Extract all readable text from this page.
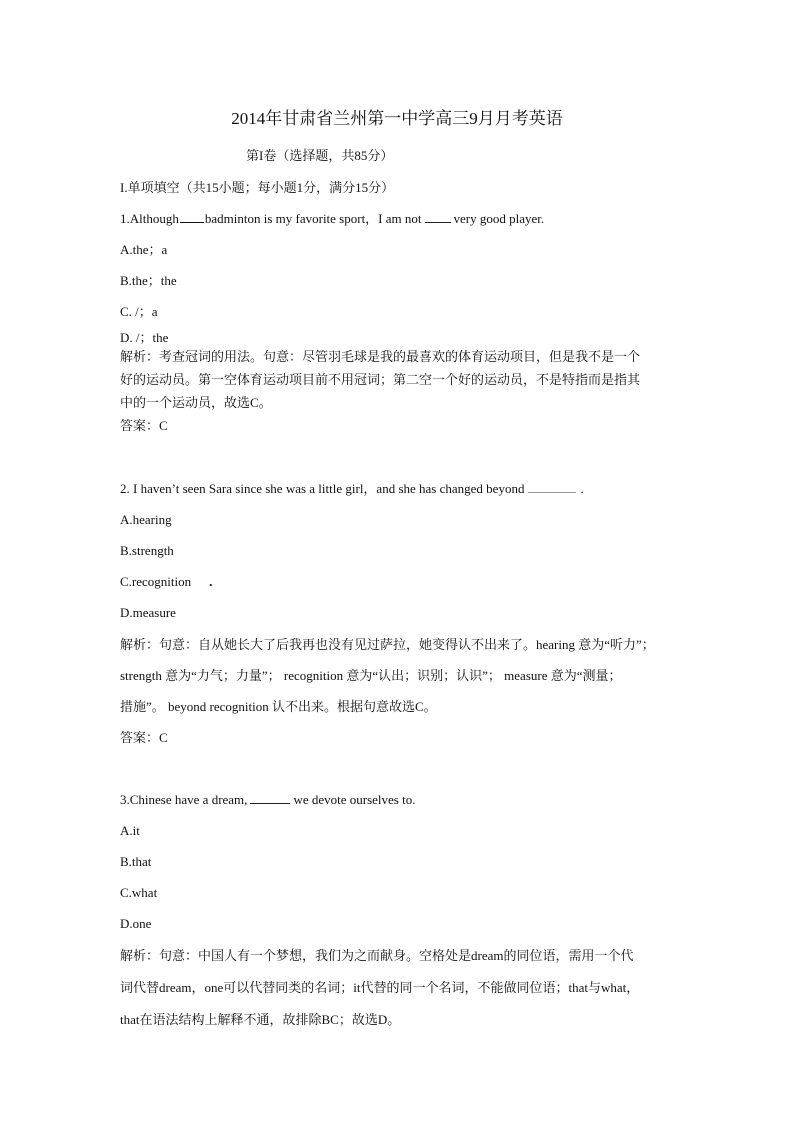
2014年甘肃省兰州第一中学高三9月月考英语
第I卷（选择题，共85分）
I.单项填空（共15小题；每小题1分，满分15分）
1.Although badminton is my favorite sport，I am not very good player.
A.the；a
B.the；the
C. /；a
D. /；the
解析：考查冠词的用法。句意：尽管羽毛球是我的最喜欢的体育运动项目，但是我不是一个
好的运动员。第一空体育运动项目前不用冠词；第二空一个好的运动员，不是特指而是指其
中的一个运动员，故选C。
答案：C
2. I haven’t seen Sara since she was a little girl，and she has changed beyond	.
A.hearing
B.strength
C.recognition .
D.measure
解析：句意：自从她长大了后我再也没有见过萨拉，她变得认不出来了。hearing 意为“听力”；
strength 意为“力气；力量”； recognition 意为“认出；识别；认识”； measure 意为“测量；
措施”。 beyond recognition 认不出来。根据句意故选C。
答案：C
3.Chinese have a dream,	we devote ourselves to.
A.it
B.that
C.what
D.one
解析：句意：中国人有一个梦想，我们为之而献身。空格处是dream的同位语，需用一个代
词代替dream，one可以代替同类的名词；it代替的同一个名词，不能做同位语；that与what，
that在语法结构上解释不通，故排除BC；故选D。
